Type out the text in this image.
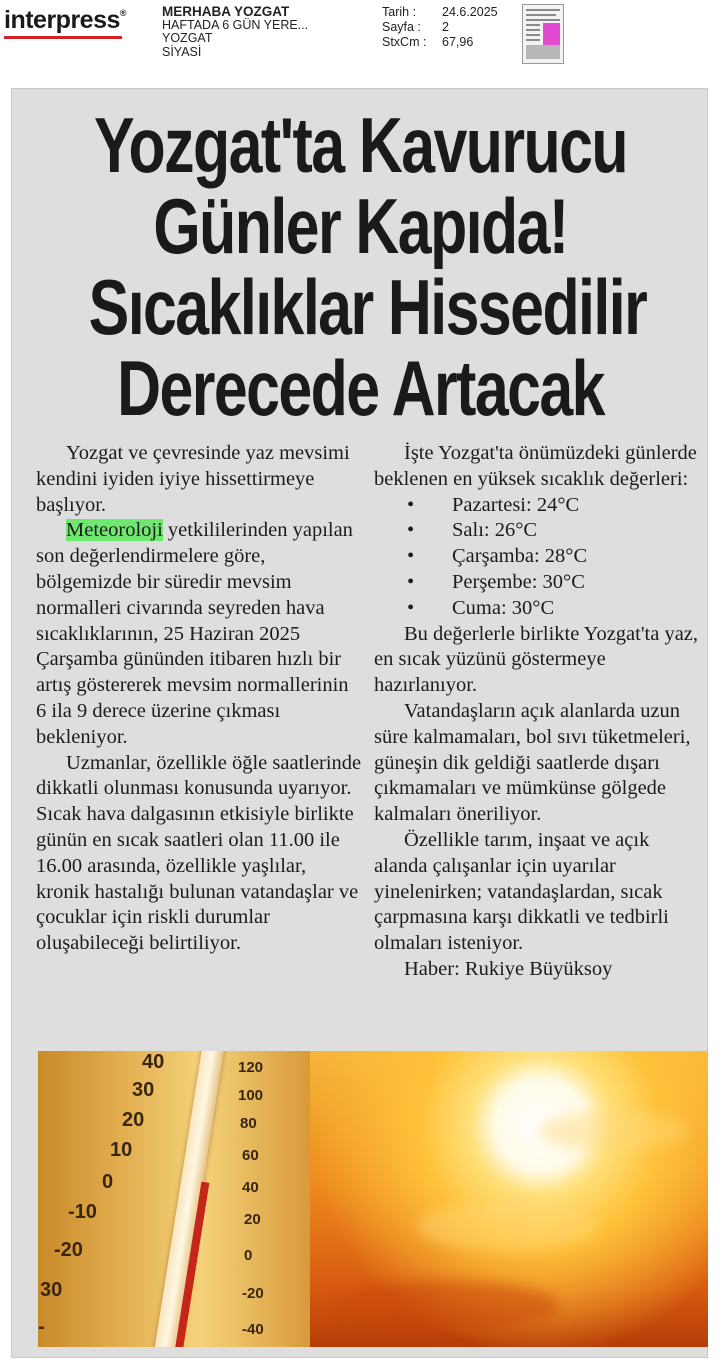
interpress®	MERHABA YOZGAT
HAFTADA 6 GÜN YERE...
YOZGAT
SİYASİ
Tarih :	24.6.2025
Sayfa :	2
StxCm :	67,96
Yozgat'ta Kavurucu
Günler Kapıda!
Sıcaklıklar Hissedilir
Derecede Artacak

Yozgat ve çevresinde yaz mevsimi kendini iyiden iyiye hissettirmeye başlıyor.

Meteoroloji yetkililerinden yapılan son değerlendirmelere göre, bölgemizde bir süredir mevsim normalleri civarında seyreden hava sıcaklıklarının, 25 Haziran 2025 Çarşamba gününden itibaren hızlı bir artış göstererek mevsim normallerinin 6 ila 9 derece üzerine çıkması bekleniyor.

Uzmanlar, özellikle öğle saatlerinde dikkatli olunması konusunda uyarıyor. Sıcak hava dalgasının etkisiyle birlikte günün en sıcak saatleri olan 11.00 ile 16.00 arasında, özellikle yaşlılar, kronik hastalığı bulunan vatandaşlar ve çocuklar için riskli durumlar oluşabileceği belirtiliyor.

İşte Yozgat'ta önümüzdeki günlerde beklenen en yüksek sıcaklık değerleri:

•	Pazartesi: 24°C
•	Salı: 26°C
•	Çarşamba: 28°C
•	Perşembe: 30°C
•	Cuma: 30°C

Bu değerlerle birlikte Yozgat'ta yaz, en sıcak yüzünü göstermeye hazırlanıyor.

Vatandaşların açık alanlarda uzun süre kalmamaları, bol sıvı tüketmeleri, güneşin dik geldiği saatlerde dışarı çıkmamaları ve mümkünse gölgede kalmaları öneriliyor.

Özellikle tarım, inşaat ve açık alanda çalışanlar için uyarılar yinelenirken; vatandaşlardan, sıcak çarpmasına karşı dikkatli ve tedbirli olmaları isteniyor.

Haber: Rukiye Büyüksoy

40
30
20
10
0
-10
-20
30
-
120
100
80
60
40
20
0
-20
-40
